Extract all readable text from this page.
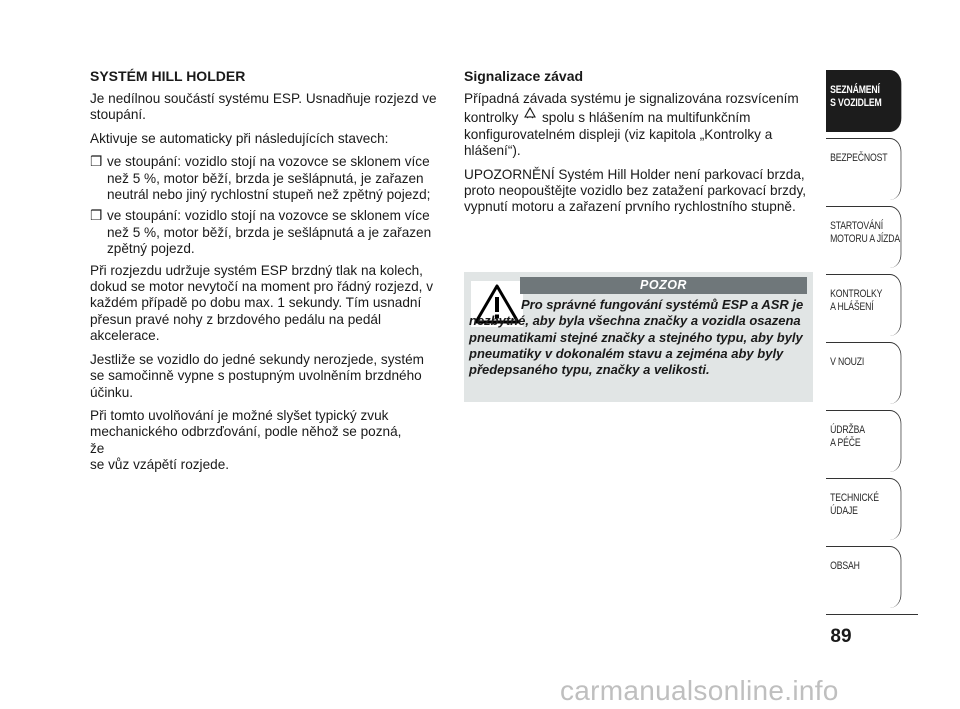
SYSTÉM HILL HOLDER

Je nedílnou součástí systému ESP. Usnadňuje rozjezd ve stoupání.

Aktivuje se automaticky při následujících stavech:

❒ ve stoupání: vozidlo stojí na vozovce se sklonem více než 5 %, motor běží, brzda je sešlápnutá, je zařazen neutrál nebo jiný rychlostní stupeň než zpětný pojezd;
❒ ve stoupání: vozidlo stojí na vozovce se sklonem více než 5 %, motor běží, brzda je sešlápnutá a je zařazen zpětný pojezd.

Při rozjezdu udržuje systém ESP brzdný tlak na kolech, dokud se motor nevytočí na moment pro řádný rozjezd, v každém případě po dobu max. 1 sekundy. Tím usnadní přesun pravé nohy z brzdového pedálu na pedál akcelerace.

Jestliže se vozidlo do jedné sekundy nerozjede, systém se samočinně vypne s postupným uvolněním brzdného účinku.

Při tomto uvolňování je možné slyšet typický zvuk
mechanického odbrzďování, podle něhož se pozná,
že
se vůz vzápětí rozjede.

Signalizace závad

Případná závada systému je signalizována rozsvícením kontrolky spolu s hlášením na multifunkčním konfigurovatelném displeji (viz kapitola „Kontrolky a hlášení“).

UPOZORNĚNÍ Systém Hill Holder není parkovací brzda, proto neopouštějte vozidlo bez zatažení parkovací brzdy, vypnutí motoru a zařazení prvního rychlostního stupně.

POZOR
Pro správné fungování systémů ESP a ASR je nezbytné, aby byla všechna značky a vozidla osazena pneumatikami stejné značky a stejného typu, aby byly pneumatiky v dokonalém stavu a zejména aby byly předepsaného typu, značky a velikosti.
SEZNÁMENÍ
S VOZIDLEM
BEZPEČNOST
STARTOVÁNÍ
MOTORU A JÍZDA
KONTROLKY
A HLÁŠENÍ
V NOUZI
ÚDRŽBA
A PÉČE
TECHNICKÉ
ÚDAJE
OBSAH
89
carmanualsonline.info
